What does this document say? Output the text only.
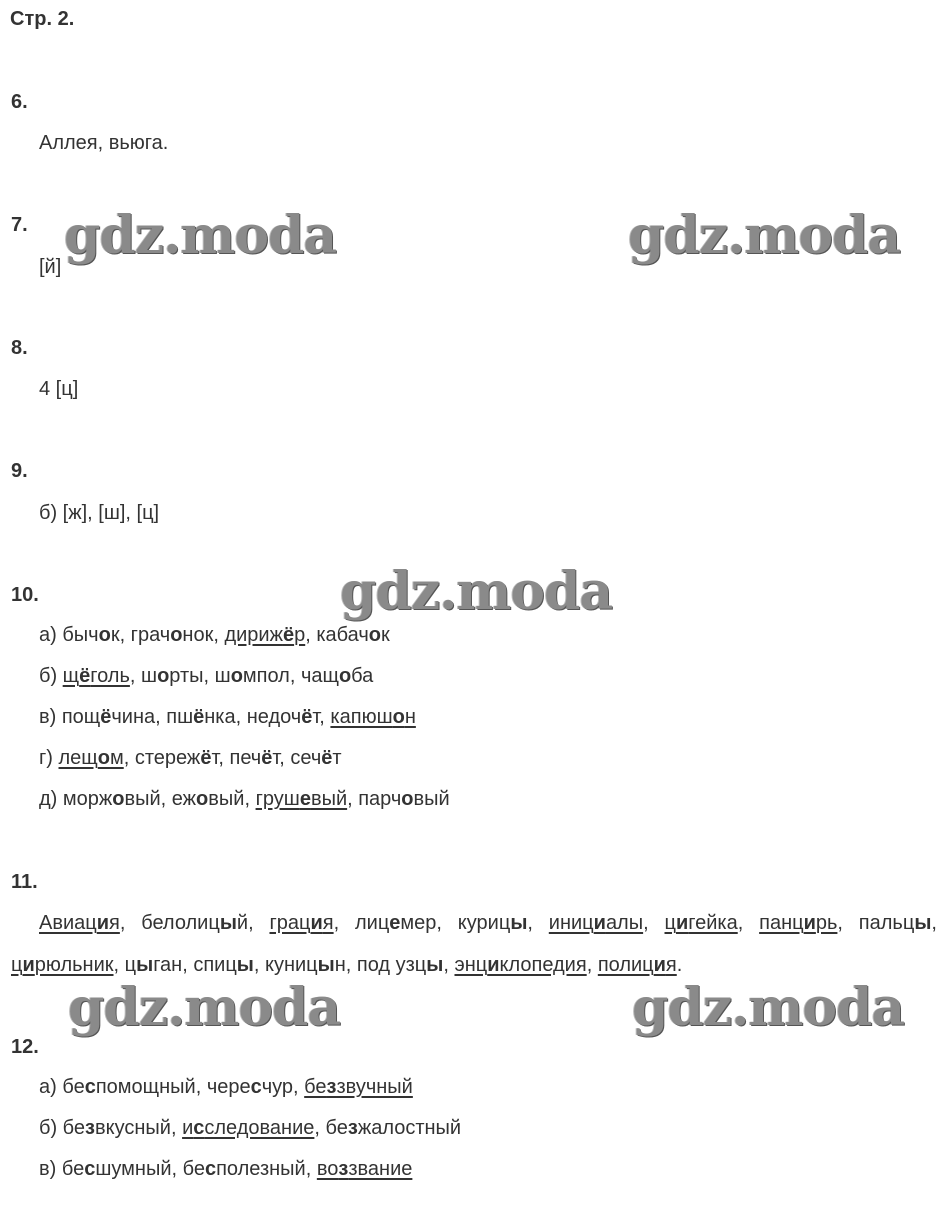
Стр. 2.
6.
Аллея, вьюга.
7.
[й]
8.
4 [ц]
9.
б) [ж], [ш], [ц]
10.
а) бычок, грачонок, дирижёр, кабачок
б) щёголь, шорты, шомпол, чащоба
в) пощёчина, пшёнка, недочёт, капюшон
г) лещом, стережёт, печёт, сечёт
д) моржовый, ежовый, грушевый, парчовый
11.

Авиация, белолицый, грация, лицемер, курицы, инициалы, цигейка, панцирь, пальцы, цирюльник, цыган, спицы, куницын, под узцы, энциклопедия, полиция.

12.
а) беспомощный, чересчур, беззвучный
б) безвкусный, исследование, безжалостный
в) бесшумный, бесполезный, воззвание
gdz.moda	gdz.moda
gdz.moda
gdz.moda	gdz.moda
